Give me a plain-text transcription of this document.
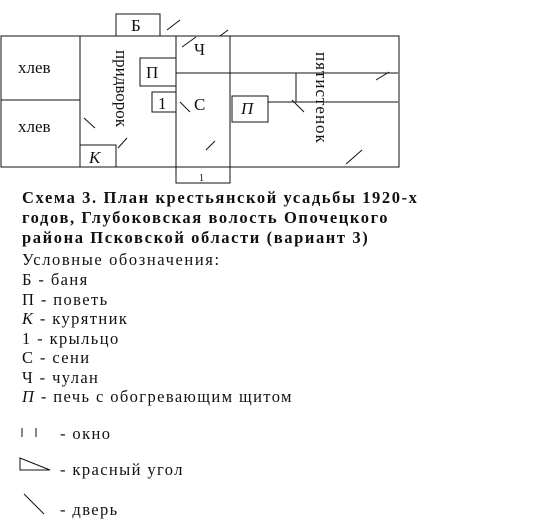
Б
хлев
хлев	придворок П
Ч
1 С
К
П	пятистенок
1
Схема 3. План крестьянской усадьбы 1920-х
годов, Глубоковская волость Опочецкого
района Псковской области (вариант 3)
Условные обозначения:
Б - баня
П - поветь
К - курятник
1 - крыльцо
С - сени
Ч - чулан
П - печь с обогревающим щитом
- окно
- красный угол
- дверь
